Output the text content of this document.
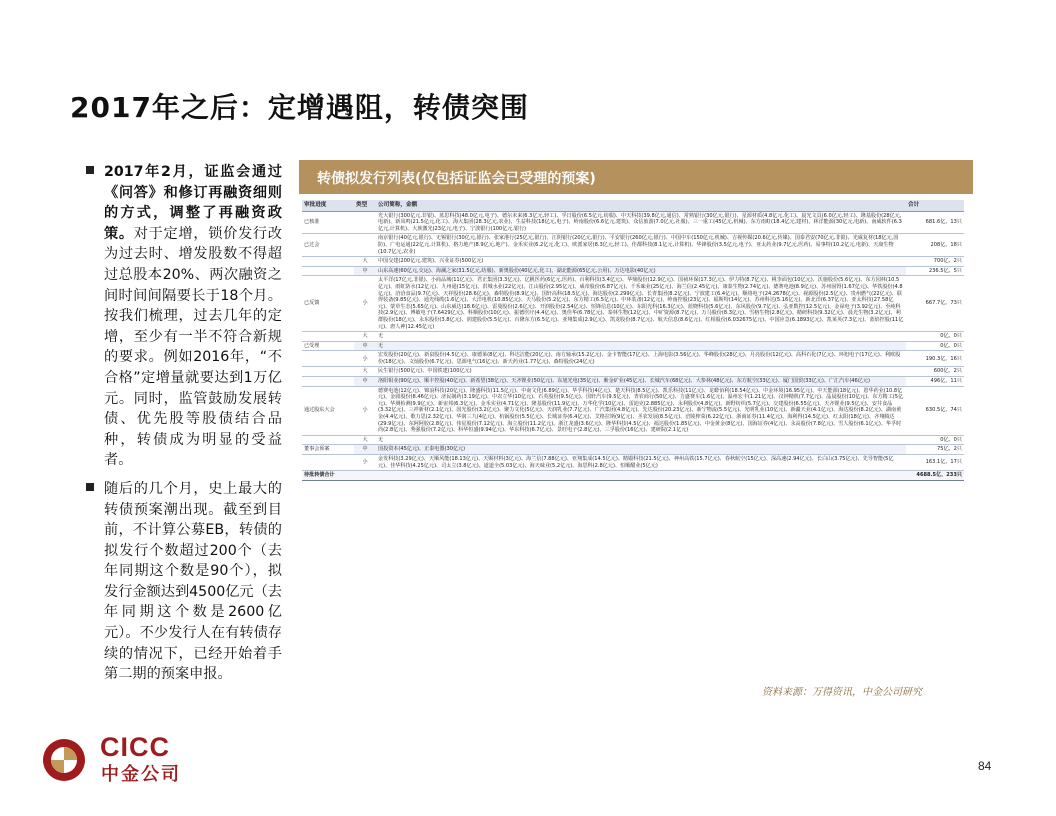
2017年之后：定增遇阻，转债突围
2017年2月，证监会通过《问答》和修订再融资细则的方式，调整了再融资政策。对于定增，锁价发行改为过去时、增发股数不得超过总股本20%、两次融资之间时间间隔要长于18个月。按我们梳理，过去几年的定增，至少有一半不符合新规的要求。例如2016年，“不合格”定增量就要达到1万亿元。同时，监管鼓励发展转债、优先股等股债结合品种，转债成为明显的受益者。
随后的几个月，史上最大的转债预案潮出现。截至到目前，不计算公募EB，转债的拟发行个数超过200个（去年同期这个数是90个），拟发行金额达到4500亿元（去年同期这个数是2600亿元）。不少发行人在有转债存续的情况下，已经开始着手第二期的预案申报。
转债拟发行列表(仅包括证监会已受理的预案)
审批进度	类型	公司简称，金额	合计
已核准		光大银行(300亿元,非银)、蓝思科技(48.0亿元,电子)、德尔未来(6.3亿元,轻工)、孚日股份(6.5亿元,纺服)、中天科技(39.8亿元,通信)、常熟银行(30亿元,银行)、星源材质(4.8亿元,化工)、晨光文具(6.0亿元,轻工)、隆基股份(28亿元,电新)、新凤鸣(21.5亿元,化工)、海大集团(28.3亿元,农业)、生益科技(18亿元,电子)、岭南股份(6.6亿元,建筑)、众信旅游(7.0亿元,社服)、三一重工(45亿元,机械)、东方雨虹(18.4亿元,建材)、林洋能源(30亿元,电新)、南威软件(6.3亿元,计算机)、大族激光(23亿元,电子)、宁波银行(100亿元,银行)	681.6亿、13只
已过会		南京银行(40亿元,银行)、无锡银行(30亿元,银行)、张家港行(25亿元,银行)、江阴银行(20亿元,银行)、平安银行(260亿元,银行)、中国中车(150亿元,机械)、吉视传媒(20.6亿元,传媒)、国泰君安(70亿元,非银)、光威复材(18亿元,国防)、广电运通(22亿元,计算机)、格力地产(8.9亿元,地产)、金禾实业(6.2亿元,化工)、欧派家居(8.3亿元,轻工)、佳都科技(8.1亿元,计算机)、华锋股份(3.5亿元,电子)、亚太药业(9.7亿元,医药)、易事特(10.2亿元,电新)、天康生物(10.7亿元,农业)	208亿、18只
	大	中国交建(200亿元,建筑)、兴业证券(500亿元)	700亿、2只
	中	山东高速(60亿元,交运)、海澜之家(31.5亿元,纺服)、新奥股份(40亿元,化工)、湖北能源(65亿元,公用)、万达电影(40亿元)	236.5亿、5只
已反馈	小	太平洋(17亿元,非银)、小商品城(11亿元)、君正集团(3.3亿元)、亿帆医药(6亿元,医药)、百利科技(3.4亿元)、华鼎股份(12.9亿元)、国祯环保(17.3亿元)、伊力特(8.7亿元)、桃李面包(10亿元)、沃施股份(5.6亿元)、东方园林(10.5亿元)、雨虹防水(12亿元)、九州通(15亿元)、洪城水业(22亿元)、江山股份(2.95亿元)、威帝股份(6.87亿元)、千禾味业(25亿元)、海兰信(2.45亿元)、康泰生物(2.74亿元)、德赛电池(8.9亿元)、苏州固锝(1.67亿元)、华铁股份(4.8亿元)、洽洽食品(9.7亿元)、天祥股份(28.6亿元)、森特股份(8.9亿元)、国轩高科(18.5亿元)、海达股份(2.299亿元)、长青集团(8.2亿元)、宁波建工(6.4亿元)、顺络电子(24.2678亿元)、视源股份(2.5亿元)、贵州燃气(22亿元)、联得装备(9.85亿元)、通光线缆(1.6亿元)、大洋电机(10.85亿元)、天马股份(5.2亿元)、东方精工(6.5亿元)、中环装备(12亿元)、岭南控股(23亿元)、福斯特(14亿元)、苏州科达(5.16亿元)、新北洋(6.37亿元)、亚太科技(27.58亿元)、蒙草生态(5.65亿元)、山东威达(18.6亿元)、雷曼股份(2.6亿元)、开润股份(2.54亿元)、恒锋信息(10亿元)、东阳光科(16.3亿元)、蓝晓科技(5.6亿元)、东风股份(9.7亿元)、弘亚数控(12.5亿元)、金禄电子(3.92亿元)、至纯科技(2.9亿元)、博敏电子(7.6429亿元)、科顺股份(10亿元)、振德医疗(4.4亿元)、奥佳华(6.78亿元)、泰林生物(12亿元)、中矿资源(8.7亿元)、万马股份(8.3亿元)、雪榕生物(2.8亿元)、精研科技(9.32亿元)、晨光生物(3.2亿元)、利群股份(18亿元)、永东股份(3.8亿元)、润建股份(5.5亿元)、百隆东方(6.5亿元)、亚翔集成(2.9亿元)、凯龙股份(8.7亿元)、航天信息(8.6亿元)、红相股份(6.032675亿元)、中国应急(6.1893亿元)、凯莱英(7.3亿元)、蓝焰控股(11亿元)、唐人神(12.45亿元)	667.7亿、73只
	大	无	0亿、0只
已受理	中	无	0亿、0只
	小	宏发股份(20亿元)、新泉股份(4.5亿元)、康德莱(8亿元)、科达洁能(20亿元)、南方轴承(15.2亿元)、金卡智能(17亿元)、上海电影(3.56亿元)、华峰股份(28亿元)、月亮股份(12亿元)、高科石化(7亿元)、环旭电子(17亿元)、利欧股份(18亿元)、文灿股份(6.7亿元)、思源电气(16亿元)、新天药业(1.77亿元)、森特股份(24亿元)	190.3亿、16只
	大	民生银行(500亿元)、中国铁建(100亿元)	600亿、2只
	中	洛阳钼业(90亿元)、顺丰控股(40亿元)、新希望(38亿元)、天齐锂业(50亿元)、东旭光电(35亿元)、紫金矿业(45亿元)、长城汽车(68亿元)、大参林(48亿元)、东方航空(33亿元)、厦门国贸(33亿元)、广汇汽车(46亿元)	496亿、11只
通过股东大会	小	德赛电池(12亿元)、锦浪科技(20亿元)、隆盛科技(11.5亿元)、中南文化(6.89亿元)、华孚科技(4亿元)、楚天科技(8.5亿元)、凯乐科技(11亿元)、龙蟒佰利(18.54亿元)、中金环境(16.95亿元)、中天能源(18亿元)、恩华药业(10.8亿元)、金圆股份(8.46亿元)、济民制药(3.19亿元)、中农立华(10亿元)、石英股份(9.5亿元)、国轩汽车(9.5亿元)、青农商行(50亿元)、力盛赛车(1.6亿元)、温州宏丰(1.21亿元)、汉钟精机(7.7亿元)、晶晨股份(10亿元)、东方精工(5亿元)、华测检测(9.9亿元)、新宙邦(6.3亿元)、金禾实业(4.71亿元)、隆基股份(11.9亿元)、万华化学(10亿元)、雷迪克(2.885亿元)、永利股份(4.8亿元)、新野纺织(5.7亿元)、交建股份(6.55亿元)、天齐锂业(9.5亿元)、安井食品(3.32亿元)、三祥新材(2.1亿元)、国光股份(3.2亿元)、聚力文化(5亿元)、天润乳业(7.7亿元)、广汽集团(4.8亿元)、先达股份(20.23亿元)、新宁物流(5.5亿元)、光明乳业(10亿元)、新疆天业(4.1亿元)、海达股份(8.2亿元)、湖南黄金(4.4亿元)、歌力思(2.32亿元)、华润三九(4亿元)、杭锅股份(5.5亿元)、长城证券(6.4亿元)、艾格拉斯(9亿元)、圣农发展(8.5亿元)、涪陵榨菜(6.22亿元)、浙商证券(11.4亿元)、海利得(14.5亿元)、红太阳(18亿元)、齐翔腾达(29.9亿元)、东阿阿胶(2.8亿元)、伟星股份(7.12亿元)、海立股份(11.2亿元)、浙江龙盛(3.6亿元)、隆华科技(4.5亿元)、福达股份(1.85亿元)、中金黄金(8亿元)、国海证券(4亿元)、永高股份(7.8亿元)、雪人股份(6.1亿元)、华孚时尚(2.8亿元)、秀强股份(7.2亿元)、科华恒盛(9.94亿元)、华东科技(6.7亿元)、景旺电子(2.8亿元)、三孚股份(16亿元)、建研院(2.1亿元)	630.5亿、74只
	大	无	0亿、0只
董事会预案	中	国投资本(45亿元)、正泰电器(30亿元)	75亿、2只
	小	金发科技(3.29亿元)、天顺风能(18.13亿元)、天赐材料(3亿元)、海兰信(7.88亿元)、亚翔集成(14.5亿元)、精锻科技(21.5亿元)、神州高铁(15.7亿元)、春秋航空(15亿元)、深高速(2.94亿元)、长白山(3.75亿元)、先导智能(5亿元)、佳华科技(4.25亿元)、司太立(3.8亿元)、道道全(5.03亿元)、海天味业(5.2亿元)、海思科(2.8亿元)、恒顺醋业(5亿元)	163.1亿、17只
待批转债合计			4688.5亿、233只
资料来源：万得资讯，中金公司研究
CICC
中金公司	84
